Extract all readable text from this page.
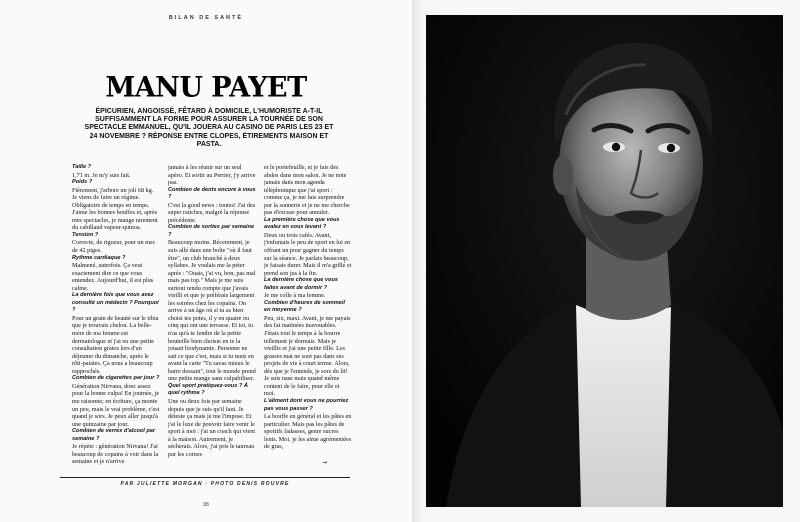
BILAN DE SANTÉ
MANU PAYET
ÉPICURIEN, ANGOISSÉ, FÊTARD À DOMICILE, L'HUMORISTE A-T-IL SUFFISAMMENT LA FORME POUR ASSURER LA TOURNÉE DE SON SPECTACLE EMMANUEL, QU'IL JOUERA AU CASINO DE PARIS LES 23 ET 24 NOVEMBRE ? RÉPONSE ENTRE CLOPES, ÉTIREMENTS MAISON ET PASTA.

Taille ?

1,71 m. Je m'y suis fait.

Poids ?

Fièrement, j'arbore un joli 68 kg. Je viens de faire un régime. Obligatoire de temps en temps. J'aime les bonnes bouffes et, après mes spectacles, je mange rarement du cabillaud vapeur-quinoa.

Tension ?

Correcte, de rigueur, pour un mec de 42 piges.

Rythme cardiaque ?

Malmené, autrefois. Ça veut exactement dire ce que vous entendez. Aujourd'hui, il est plus calme.

La dernière fois que vous avez consulté un médecin ? Pourquoi ?

Pour un grain de beauté sur le tibia que je trouvais chelou. La belle-mère de ma femme est dermatologue et j'ai eu une petite consultation gratos lors d'un déjeuner du dimanche, après le rôti-patates. Ça nous a beaucoup rapprochés.

Combien de cigarettes par jour ?

Génération Nirvana, donc assez pour la bonne culpa! En journée, je me raisonne; en écriture, ça monte un peu, mais le vrai problème, c'est quand je sors. Je peux aller jusqu'à une quinzaine par jour.

Combien de verres d'alcool par semaine ?

Je répète : génération Nirvana! J'ai beaucoup de copains à voir dans la semaine et je n'arrive

jamais à les réunir sur un seul apéro. Et sortir au Perrier, j'y arrive pas.

Combien de dents encore à vous ?

C'est la good news : toutes! J'ai des super ratiches, malgré la réponse précédente.

Combien de sorties par semaine ?

Beaucoup moins. Récemment, je suis allé dans une boîte "où il faut être", un club branché à deux syllabes. Je voulais me la péter après : "Ouais, j'ai vu, bon, pas mal mais pas top." Mais je me suis surtout rendu compte que j'avais vieilli et que je préférais largement les soirées chez les copains. On arrive à un âge où si tu as bien choisi tes potes, il y en quatre ou cinq qui ont une terrasse. Et toi, tu n'as qu'à te fendre de la petite bouteille bien choisie en te la jouant biodynamie. Personne ne sait ce que c'est, mais si tu mets en avant la carte "Tu savas mieux le barre dessain", tout le monde prend une petite mange sans culpabiliser.

Quel sport pratiquez-vous ? À quel rythme ?

Une ou deux fois par semaine depuis que je suis qu'il faut. Je déteste ça mais je me l'impose. Et j'ai le luxe de pouvoir faire venir le sport à moi : j'ai un coach qui vient à la maison. Autrement, je sécherais. Alors, j'ai pris le taureau par les cornes

et le portefeuille, et je fais des abdos dans mon salon. Je ne note jamais dans mon agenda téléphonique que j'ai sport : comme ça, je me fais surprendre par la sonnerie et je ne me cherche pas d'excuse pour annuler.

La première chose que vous avalez en vous levant ?

Deux ou trois cafés. Avant, j'enfumais le peu de sport en lui en offrant un pour gagner du temps sur la séance. Je parlais beaucoup, je faisais durer. Mais il m'a grillé et prend son jus à la fin.

La dernière chose que vous faites avant de dormir ?

Je me colle à ma femme.

Combien d'heures de sommeil en moyenne ?

Peu, six, maxi. Avant, je me payais des fat matinées inavouables. J'étais tout le temps à la bourre tellement je dormais. Mais je vieillis et j'ai une petite fille. Les grasses mat ne sont pas dans ses projets de vie à court terme. Alors, dès que je l'entends, je sors du lit! Je suis nase mais quand même content de le faire, pour elle et moi.

L'aliment dont vous ne pourriez pas vous passer ?

La bouffe en général et les pâtes en particulier. Mais pas les pâtes de sportifs fadasses, genre sucres lents. Moi, je les aime agrémentées de gras,

→
PAR JULIETTE MORGAN · PHOTO DENIS ROUVRE
88
